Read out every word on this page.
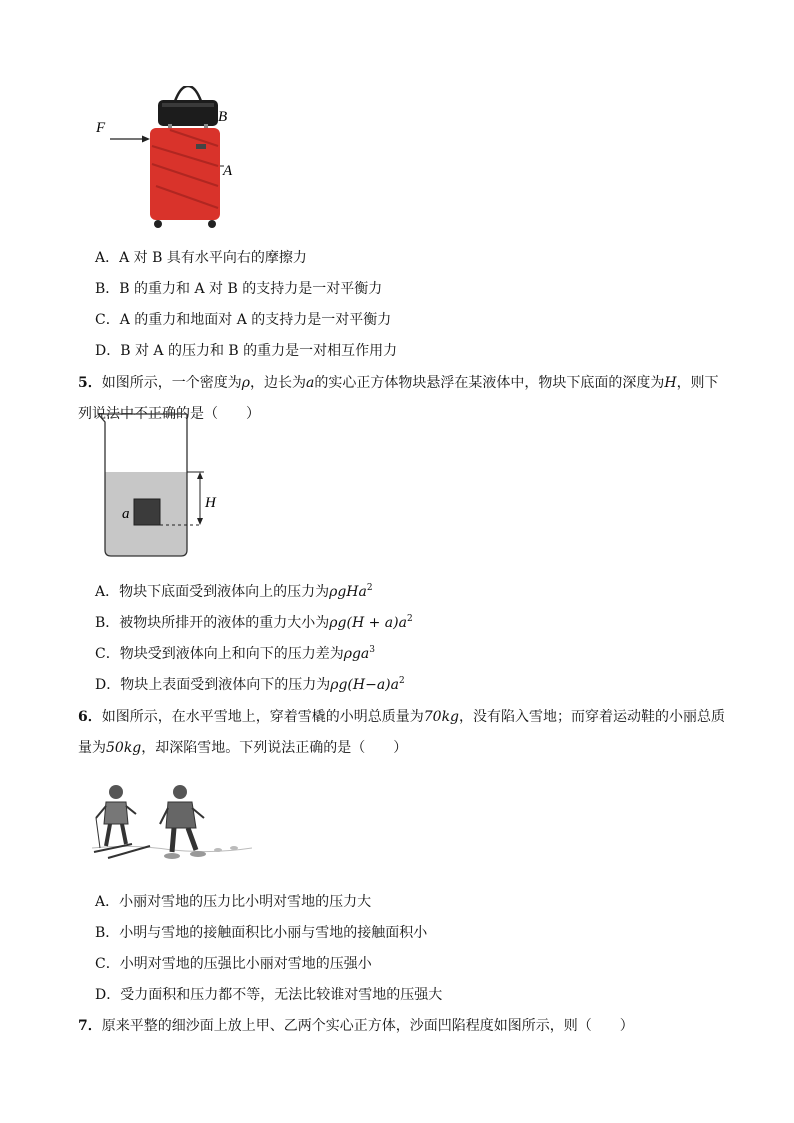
F
B
A
A．A 对 B 具有水平向右的摩擦力
B．B 的重力和 A 对 B 的支持力是一对平衡力
C．A 的重力和地面对 A 的支持力是一对平衡力
D．B 对 A 的压力和 B 的重力是一对相互作用力
5．如图所示，一个密度为ρ，边长为a的实心正方体物块悬浮在某液体中，物块下底面的深度为H，则下
列说法中不正确的是（　　）
H
a
A．物块下底面受到液体向上的压力为ρgHa$^2$
B．被物块所排开的液体的重力大小为$\rho g(H + a)a^2$
C．物块受到液体向上和向下的压力差为ρga$^3$
D．物块上表面受到液体向下的压力为$\rho g(H-a)a^2$
6．如图所示，在水平雪地上，穿着雪橇的小明总质量为70kg，没有陷入雪地；而穿着运动鞋的小丽总质
量为50kg，却深陷雪地。下列说法正确的是（　　）
A．小丽对雪地的压力比小明对雪地的压力大
B．小明与雪地的接触面积比小丽与雪地的接触面积小
C．小明对雪地的压强比小丽对雪地的压强小
D．受力面积和压力都不等，无法比较谁对雪地的压强大
7．原来平整的细沙面上放上甲、乙两个实心正方体，沙面凹陷程度如图所示，则（　　）
